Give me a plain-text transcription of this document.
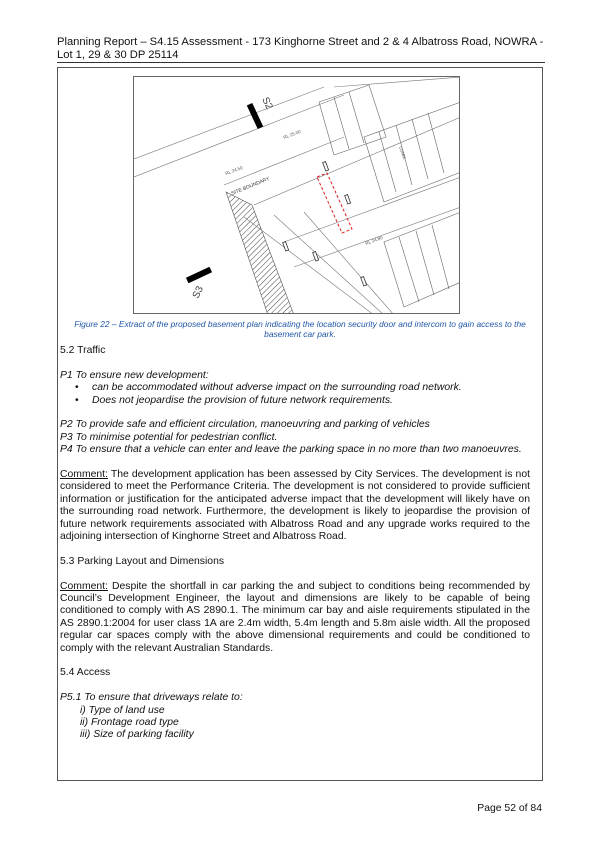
Planning Report – S4.15 Assessment - 173 Kinghorne Street and 2 & 4 Albatross Road, NOWRA - Lot 1, 29 & 30 DP 25114
S2
S3
SITE BOUNDARY
RL 24.50
RL 25.00
RL 24.80
COMM.
Figure 22 – Extract of the proposed basement plan indicating the location security door and intercom to gain access to the basement car park.

5.2 Traffic

P1 To ensure new development:

• can be accommodated without adverse impact on the surrounding road network.
• Does not jeopardise the provision of future network requirements.

P2 To provide safe and efficient circulation, manoeuvring and parking of vehicles

P3 To minimise potential for pedestrian conflict.

P4 To ensure that a vehicle can enter and leave the parking space in no more than two manoeuvres.

Comment: The development application has been assessed by City Services. The development is not considered to meet the Performance Criteria. The development is not considered to provide sufficient information or justification for the anticipated adverse impact that the development will likely have on the surrounding road network. Furthermore, the development is likely to jeopardise the provision of future network requirements associated with Albatross Road and any upgrade works required to the adjoining intersection of Kinghorne Street and Albatross Road.

5.3 Parking Layout and Dimensions

Comment: Despite the shortfall in car parking the and subject to conditions being recommended by Council’s Development Engineer, the layout and dimensions are likely to be capable of being conditioned to comply with AS 2890.1. The minimum car bay and aisle requirements stipulated in the AS 2890.1:2004 for user class 1A are 2.4m width, 5.4m length and 5.8m aisle width. All the proposed regular car spaces comply with the above dimensional requirements and could be conditioned to comply with the relevant Australian Standards.

5.4 Access

P5.1 To ensure that driveways relate to:

i) Type of land use

ii) Frontage road type

iii) Size of parking facility

Page 52 of 84
